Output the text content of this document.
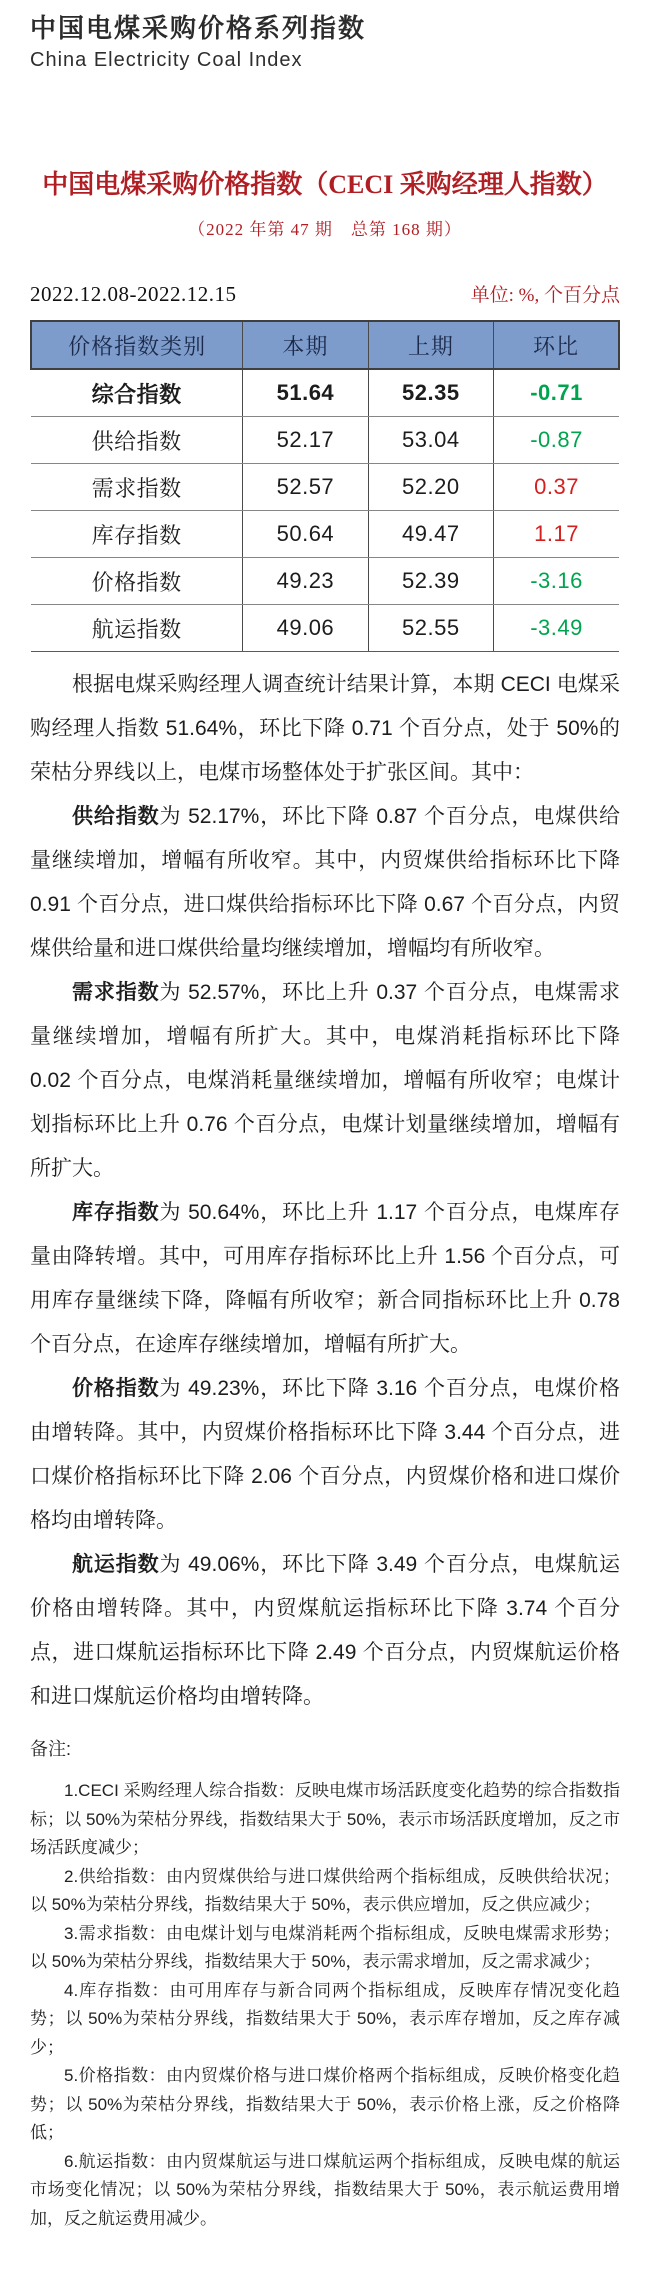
中国电煤采购价格系列指数
China Electricity Coal Index
中国电煤采购价格指数（CECI 采购经理人指数）
（2022 年第 47 期　总第 168 期）
2022.12.08-2022.12.15	单位: %, 个百分点
价格指数类别	本期	上期	环比
综合指数	51.64	52.35	-0.71
供给指数	52.17	53.04	-0.87
需求指数	52.57	52.20	0.37
库存指数	50.64	49.47	1.17
价格指数	49.23	52.39	-3.16
航运指数	49.06	52.55	-3.49

根据电煤采购经理人调查统计结果计算，本期 CECI 电煤采购经理人指数 51.64%，环比下降 0.71 个百分点，处于 50%的荣枯分界线以上，电煤市场整体处于扩张区间。其中：

供给指数为 52.17%，环比下降 0.87 个百分点，电煤供给量继续增加，增幅有所收窄。其中，内贸煤供给指标环比下降 0.91 个百分点，进口煤供给指标环比下降 0.67 个百分点，内贸煤供给量和进口煤供给量均继续增加，增幅均有所收窄。

需求指数为 52.57%，环比上升 0.37 个百分点，电煤需求量继续增加，增幅有所扩大。其中，电煤消耗指标环比下降 0.02 个百分点，电煤消耗量继续增加，增幅有所收窄；电煤计划指标环比上升 0.76 个百分点，电煤计划量继续增加，增幅有所扩大。

库存指数为 50.64%，环比上升 1.17 个百分点，电煤库存量由降转增。其中，可用库存指标环比上升 1.56 个百分点，可用库存量继续下降，降幅有所收窄；新合同指标环比上升 0.78 个百分点，在途库存继续增加，增幅有所扩大。

价格指数为 49.23%，环比下降 3.16 个百分点，电煤价格由增转降。其中，内贸煤价格指标环比下降 3.44 个百分点，进口煤价格指标环比下降 2.06 个百分点，内贸煤价格和进口煤价格均由增转降。

航运指数为 49.06%，环比下降 3.49 个百分点，电煤航运价格由增转降。其中，内贸煤航运指标环比下降 3.74 个百分点，进口煤航运指标环比下降 2.49 个百分点，内贸煤航运价格和进口煤航运价格均由增转降。

备注:

1.CECI 采购经理人综合指数：反映电煤市场活跃度变化趋势的综合指数指标；以 50%为荣枯分界线，指数结果大于 50%，表示市场活跃度增加，反之市场活跃度减少；

2.供给指数：由内贸煤供给与进口煤供给两个指标组成，反映供给状况；以 50%为荣枯分界线，指数结果大于 50%，表示供应增加，反之供应减少；

3.需求指数：由电煤计划与电煤消耗两个指标组成，反映电煤需求形势；以 50%为荣枯分界线，指数结果大于 50%，表示需求增加，反之需求减少；

4.库存指数：由可用库存与新合同两个指标组成，反映库存情况变化趋势；以 50%为荣枯分界线，指数结果大于 50%，表示库存增加，反之库存减少；

5.价格指数：由内贸煤价格与进口煤价格两个指标组成，反映价格变化趋势；以 50%为荣枯分界线，指数结果大于 50%，表示价格上涨，反之价格降低；

6.航运指数：由内贸煤航运与进口煤航运两个指标组成，反映电煤的航运市场变化情况；以 50%为荣枯分界线，指数结果大于 50%，表示航运费用增加，反之航运费用减少。
